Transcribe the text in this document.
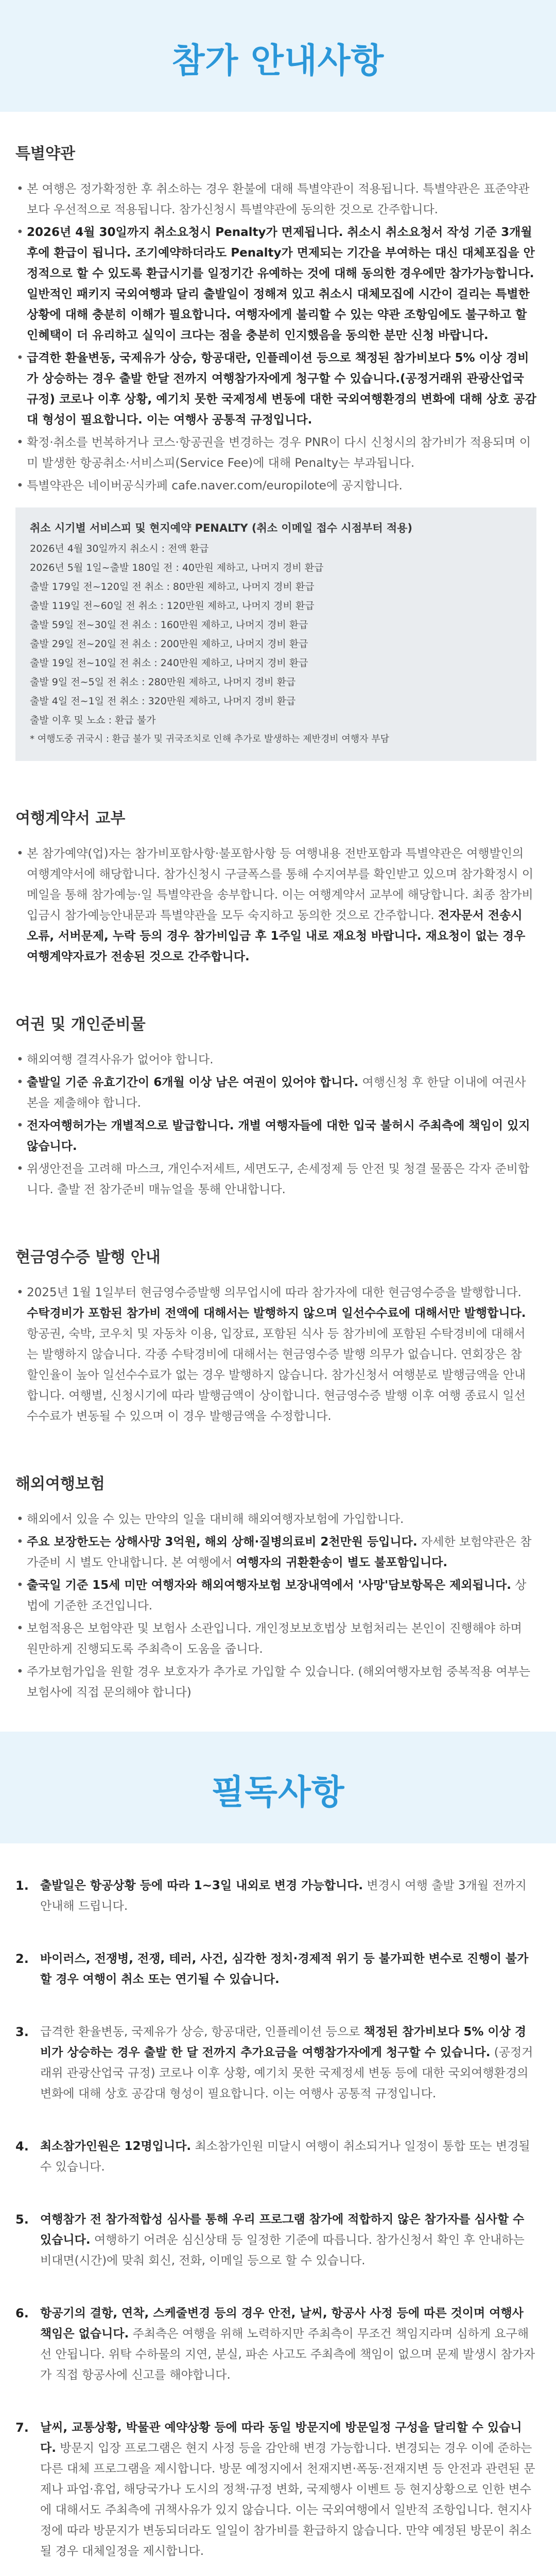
참가 안내사항
특별약관
• 본 여행은 정가확정한 후 취소하는 경우 환불에 대해 특별약관이 적용됩니다. 특별약관은 표준약관보다 우선적으로 적용됩니다. 참가신청시 특별약관에 동의한 것으로 간주합니다.
• 2026년 4월 30일까지 취소요청시 Penalty가 면제됩니다. 취소시 취소요청서 작성 기준 3개월 후에 환급이 됩니다. 조기예약하더라도 Penalty가 면제되는 기간을 부여하는 대신 대체포집을 안정적으로 할 수 있도록 환급시기를 일정기간 유예하는 것에 대해 동의한 경우에만 참가가능합니다. 일반적인 패키지 국외여행과 달리 출발일이 정해져 있고 취소시 대체모집에 시간이 걸리는 특별한 상황에 대해 충분히 이해가 필요합니다. 여행자에게 불리할 수 있는 약관 조항임에도 불구하고 할인혜택이 더 유리하고 실익이 크다는 점을 충분히 인지했음을 동의한 분만 신청 바랍니다.
• 급격한 환율변동, 국제유가 상승, 항공대란, 인플레이션 등으로 책정된 참가비보다 5% 이상 경비가 상승하는 경우 출발 한달 전까지 여행참가자에게 청구할 수 있습니다.(공정거래위 관광산업국 규정) 코로나 이후 상황, 예기치 못한 국제정세 변동에 대한 국외여행환경의 변화에 대해 상호 공감대 형성이 필요합니다. 이는 여행사 공통적 규정입니다.
• 확정·취소를 번복하거나 코스·항공권을 변경하는 경우 PNR이 다시 신청시의 참가비가 적용되며 이미 발생한 항공취소·서비스피(Service Fee)에 대해 Penalty는 부과됩니다.
• 특별약관은 네이버공식카페 cafe.naver.com/europilote에 공지합니다.
취소 시기별 서비스피 및 현지예약 PENALTY (취소 이메일 접수 시점부터 적용)
2026년 4월 30일까지 취소시 : 전액 환급
2026년 5월 1일~출발 180일 전 : 40만원 제하고, 나머지 경비 환급
출발 179일 전~120일 전 취소 : 80만원 제하고, 나머지 경비 환급
출발 119일 전~60일 전 취소 : 120만원 제하고, 나머지 경비 환급
출발 59일 전~30일 전 취소 : 160만원 제하고, 나머지 경비 환급
출발 29일 전~20일 전 취소 : 200만원 제하고, 나머지 경비 환급
출발 19일 전~10일 전 취소 : 240만원 제하고, 나머지 경비 환급
출발 9일 전~5일 전 취소 : 280만원 제하고, 나머지 경비 환급
출발 4일 전~1일 전 취소 : 320만원 제하고, 나머지 경비 환급
출발 이후 및 노쇼 : 환급 불가
* 여행도중 귀국시 : 환급 불가 및 귀국조치로 인해 추가로 발생하는 제반경비 여행자 부담
여행계약서 교부
• 본 참가예약(업)자는 참가비포함사항·불포함사항 등 여행내용 전반포함과 특별약관은 여행발인의 여행계약서에 해당합니다. 참가신청시 구글폭스를 통해 수지여부를 확인받고 있으며 참가확정시 이메일을 통해 참가예능·일 특별약관을 송부합니다. 이는 여행계약서 교부에 해당합니다. 최종 참가비입금시 참가예능안내문과 특별약관을 모두 숙지하고 동의한 것으로 간주합니다. 전자문서 전송시 오류, 서버문제, 누락 등의 경우 참가비입금 후 1주일 내로 재요청 바랍니다. 재요청이 없는 경우 여행계약자료가 전송된 것으로 간주합니다.
여권 및 개인준비물
• 해외여행 결격사유가 없어야 합니다.
• 출발일 기준 유효기간이 6개월 이상 남은 여권이 있어야 합니다. 여행신청 후 한달 이내에 여권사본을 제출해야 합니다.
• 전자여행허가는 개별적으로 발급합니다. 개별 여행자들에 대한 입국 불허시 주최측에 책임이 있지 않습니다.
• 위생안전을 고려해 마스크, 개인수저세트, 세면도구, 손세정제 등 안전 및 청결 물품은 각자 준비합니다. 출발 전 참가준비 매뉴얼을 통해 안내합니다.
현금영수증 발행 안내
• 2025년 1월 1일부터 현금영수증발행 의무업시에 따라 참가자에 대한 현금영수증을 발행합니다. 수탁경비가 포함된 참가비 전액에 대해서는 발행하지 않으며 일선수수료에 대해서만 발행합니다. 항공권, 숙박, 코우치 및 자동차 이용, 입장료, 포함된 식사 등 참가비에 포함된 수탁경비에 대해서는 발행하지 않습니다. 각종 수탁경비에 대해서는 현금영수증 발행 의무가 없습니다. 연회장은 참 할인율이 높아 일선수수료가 없는 경우 발행하지 않습니다. 참가신청서 여행분로 발행금액을 안내합니다. 여행별, 신청시기에 따라 발행금액이 상이합니다. 현금영수증 발행 이후 여행 종료시 일선수수료가 변동될 수 있으며 이 경우 발행금액을 수정합니다.
해외여행보험
• 해외에서 있을 수 있는 만약의 일을 대비해 해외여행자보험에 가입합니다.
• 주요 보장한도는 상해사망 3억원, 해외 상해·질병의료비 2천만원 등입니다. 자세한 보험약관은 참가준비 시 별도 안내합니다. 본 여행에서 여행자의 귀환환송이 별도 불포함입니다.
• 출국일 기준 15세 미만 여행자와 해외여행자보험 보장내역에서 '사망'담보항목은 제외됩니다. 상법에 기준한 조건입니다.
• 보험적용은 보험약관 및 보험사 소관입니다. 개인정보보호법상 보험처리는 본인이 진행해야 하며 원만하게 진행되도록 주최측이 도움을 줍니다.
• 주가보험가입을 원할 경우 보호자가 추가로 가입할 수 있습니다. (해외여행자보험 중복적용 여부는 보험사에 직접 문의해야 합니다)
필독사항
1. 출발일은 항공상황 등에 따라 1~3일 내외로 변경 가능합니다. 변경시 여행 출발 3개월 전까지 안내해 드립니다.
2. 바이러스, 전쟁병, 전쟁, 테러, 사건, 심각한 정치·경제적 위기 등 불가피한 변수로 진행이 불가할 경우 여행이 취소 또는 연기될 수 있습니다.
3. 급격한 환율변동, 국제유가 상승, 항공대란, 인플레이션 등으로 책정된 참가비보다 5% 이상 경비가 상승하는 경우 출발 한 달 전까지 추가요금을 여행참가자에게 청구할 수 있습니다. (공정거래위 관광산업국 규정) 코로나 이후 상황, 예기치 못한 국제정세 변동 등에 대한 국외여행환경의 변화에 대해 상호 공감대 형성이 필요합니다. 이는 여행사 공통적 규정입니다.
4. 최소참가인원은 12명입니다. 최소참가인원 미달시 여행이 취소되거나 일정이 통합 또는 변경될 수 있습니다.
5. 여행참가 전 참가적합성 심사를 통해 우리 프로그램 참가에 적합하지 않은 참가자를 심사할 수 있습니다. 여행하기 어려운 심신상태 등 일정한 기준에 따릅니다. 참가신청서 확인 후 안내하는 비대면(시간)에 맞춰 회신, 전화, 이메일 등으로 할 수 있습니다.
6. 항공기의 결항, 연착, 스케줄변경 등의 경우 안전, 날씨, 항공사 사정 등에 따른 것이며 여행사 책임은 없습니다. 주최측은 여행을 위해 노력하지만 주최측이 무조건 책임지라며 심하게 요구해선 안됩니다. 위탁 수하물의 지연, 분실, 파손 사고도 주최측에 책임이 없으며 문제 발생시 참가자가 직접 항공사에 신고를 해야합니다.
7. 날씨, 교통상황, 박물관 예약상황 등에 따라 동일 방문지에 방문일정 구성을 달리할 수 있습니다. 방문지 입장 프로그램은 현지 사정 등을 감안해 변경 가능합니다. 변경되는 경우 이에 준하는 다른 대체 프로그램을 제시합니다. 방문 예정지에서 천재지변·폭동·전재지변 등 안전과 관련된 문제나 파업·휴업, 해당국가나 도시의 정책·규정 변화, 국제행사 이벤트 등 현지상황으로 인한 변수에 대해서도 주최측에 귀책사유가 있지 않습니다. 이는 국외여행에서 일반적 조항입니다. 현지사정에 따라 방문지가 변동되더라도 일일이 참가비를 환급하지 않습니다. 만약 예정된 방문이 취소될 경우 대체일정을 제시합니다.
